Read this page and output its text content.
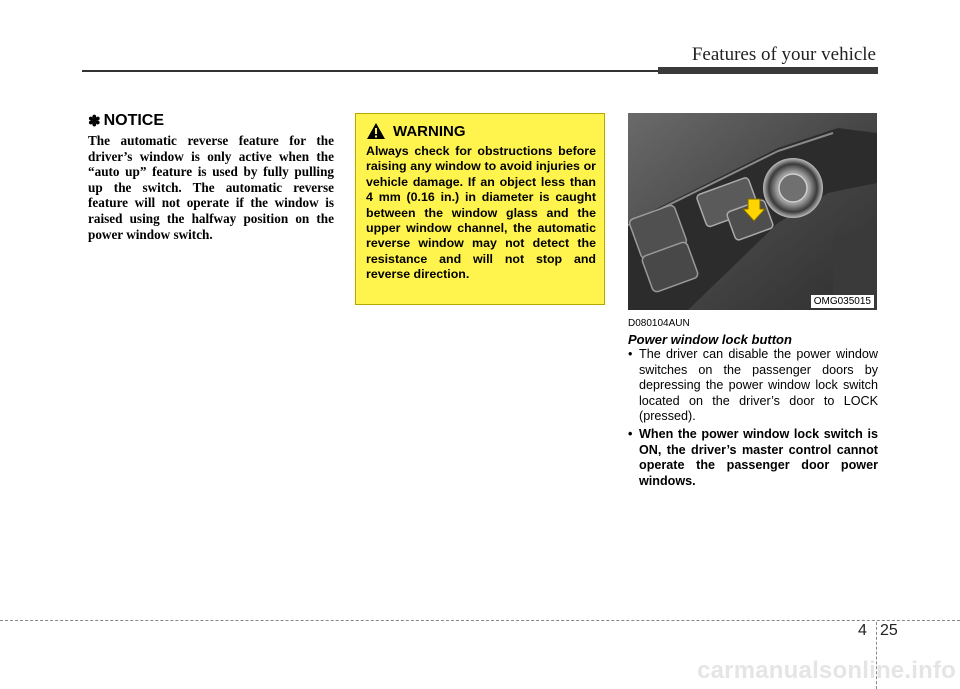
Features of your vehicle
✽ NOTICE
The automatic reverse feature for the driver’s window is only active when the “auto up” feature is used by fully pulling up the switch. The automatic reverse feature will not operate if the window is raised using the halfway position on the power window switch.
WARNING
Always check for obstructions before raising any window to avoid injuries or vehicle damage. If an object less than 4 mm (0.16 in.) in diameter is caught between the window glass and the upper window channel, the automatic reverse window may not detect the resistance and will not stop and reverse direction.
OMG035015
D080104AUN
Power window lock button
• The driver can disable the power window switches on the passenger doors by depressing the power window lock switch located on the driver’s door to LOCK (pressed).
• When the power window lock switch is ON, the driver’s master control cannot operate the passenger door power windows.
4 25
carmanualsonline.info
